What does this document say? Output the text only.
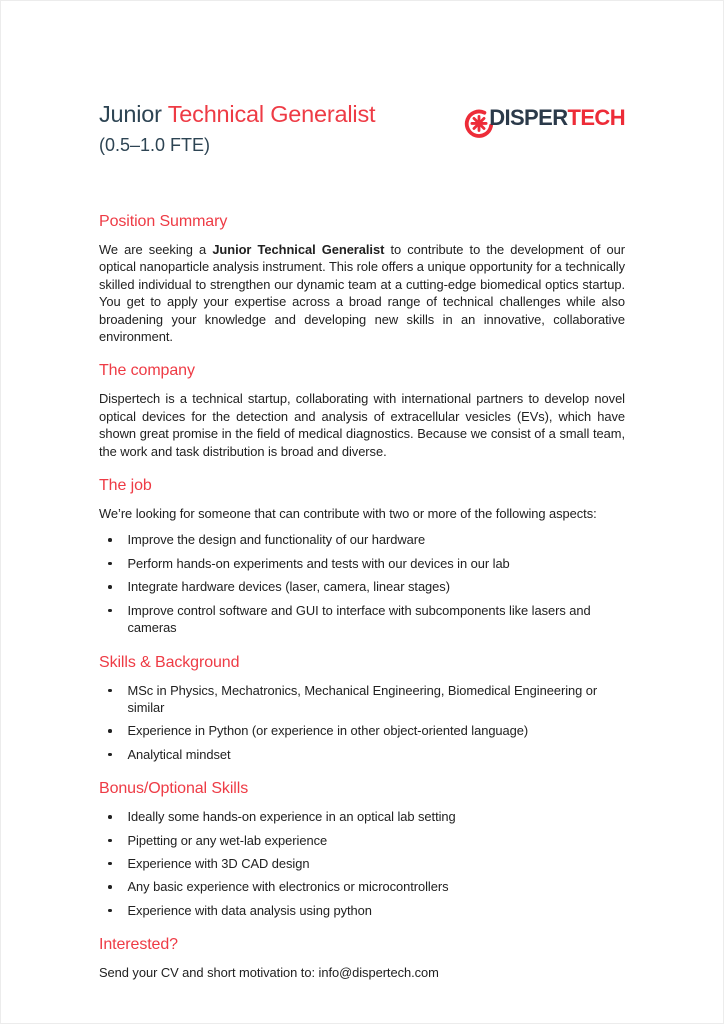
Junior Technical Generalist
(0.5–1.0 FTE)
DISPERTECH
Position Summary

We are seeking a Junior Technical Generalist to contribute to the development of our optical nanoparticle analysis instrument. This role offers a unique opportunity for a technically skilled individual to strengthen our dynamic team at a cutting-edge biomedical optics startup. You get to apply your expertise across a broad range of technical challenges while also broadening your knowledge and developing new skills in an innovative, collaborative environment.

The company

Dispertech is a technical startup, collaborating with international partners to develop novel optical devices for the detection and analysis of extracellular vesicles (EVs), which have shown great promise in the field of medical diagnostics. Because we consist of a small team, the work and task distribution is broad and diverse.

The job

We’re looking for someone that can contribute with two or more of the following aspects:

Improve the design and functionality of our hardware
Perform hands-on experiments and tests with our devices in our lab
Integrate hardware devices (laser, camera, linear stages)
Improve control software and GUI to interface with subcomponents like lasers and cameras
Skills & Background
MSc in Physics, Mechatronics, Mechanical Engineering, Biomedical Engineering or similar
Experience in Python (or experience in other object-oriented language)
Analytical mindset
Bonus/Optional Skills
Ideally some hands-on experience in an optical lab setting
Pipetting or any wet-lab experience
Experience with 3D CAD design
Any basic experience with electronics or microcontrollers
Experience with data analysis using python
Interested?

Send your CV and short motivation to: info@dispertech.com
